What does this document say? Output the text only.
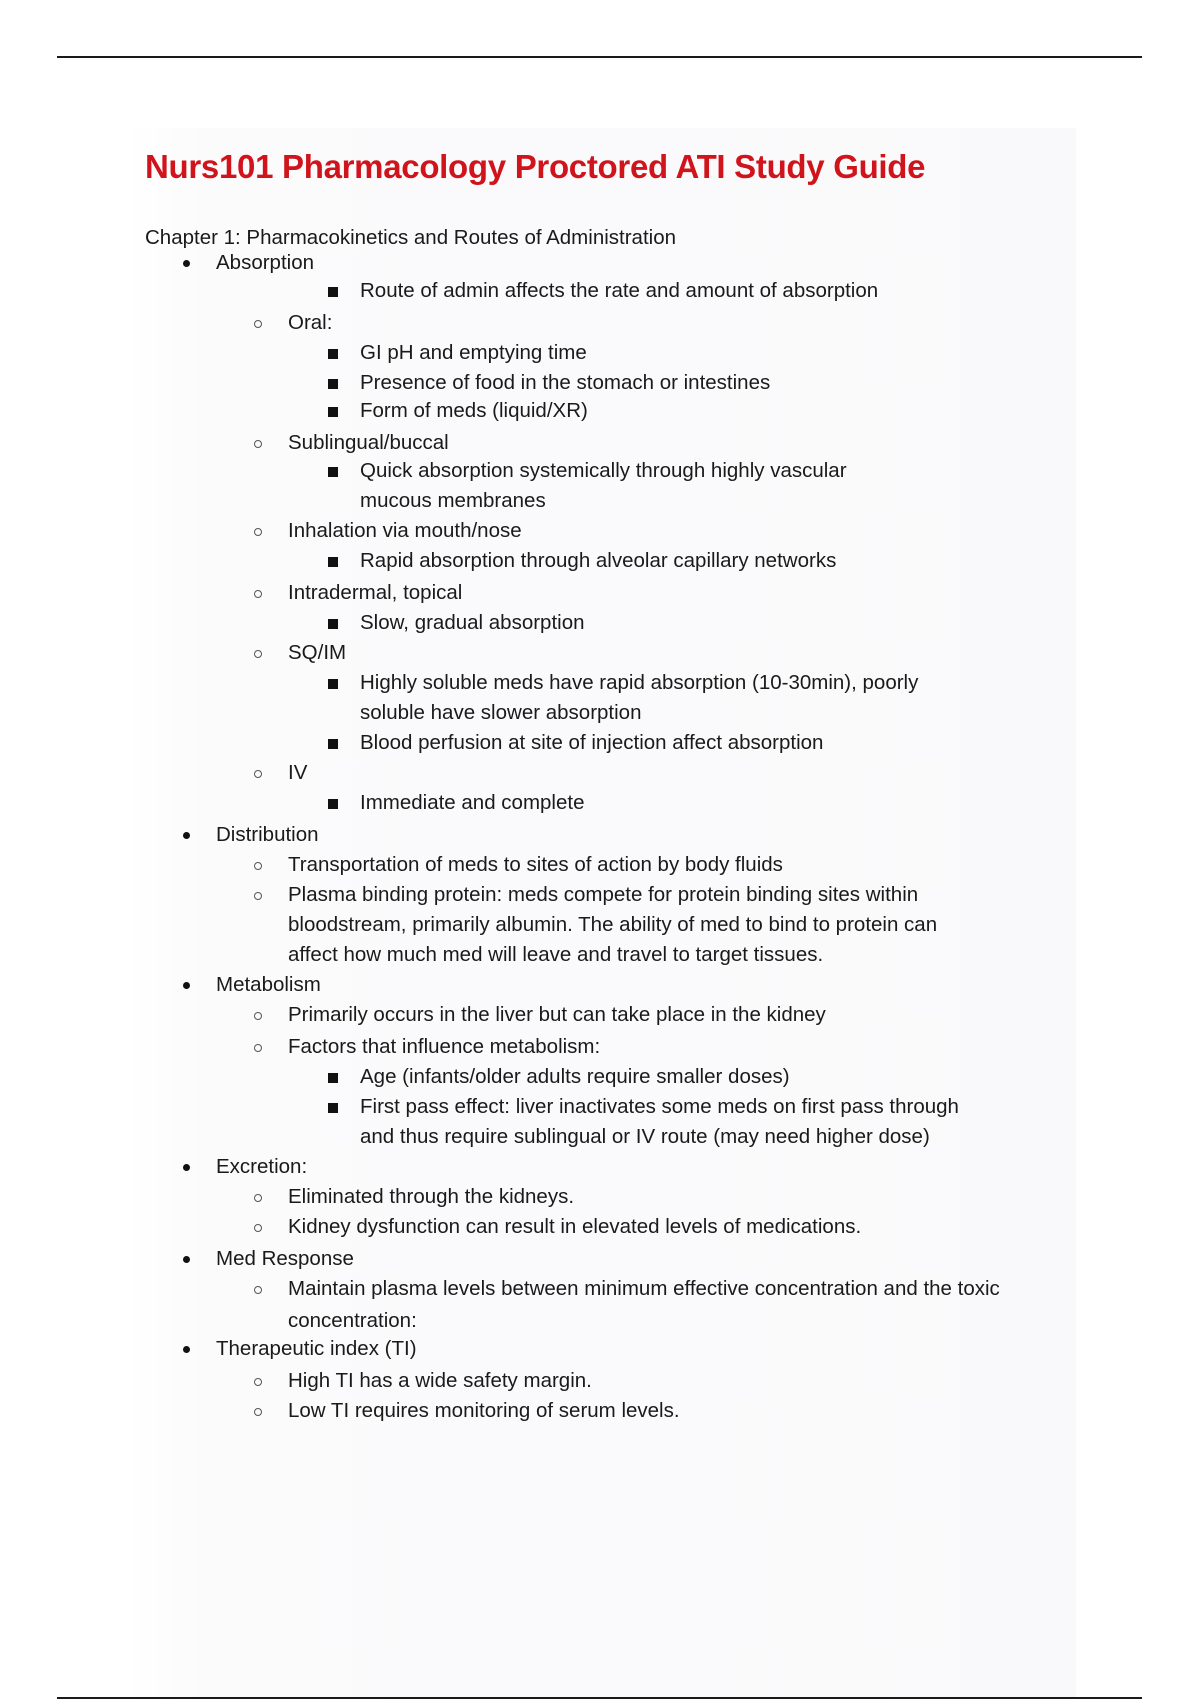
Nurs101 Pharmacology Proctored ATI Study Guide
Chapter 1: Pharmacokinetics and Routes of Administration
Absorption
Route of admin affects the rate and amount of absorption
Oral:
GI pH and emptying time
Presence of food in the stomach or intestines
Form of meds (liquid/XR)
Sublingual/buccal
Quick absorption systemically through highly vascular
mucous membranes
Inhalation via mouth/nose
Rapid absorption through alveolar capillary networks
Intradermal, topical
Slow, gradual absorption
SQ/IM
Highly soluble meds have rapid absorption (10-30min), poorly
soluble have slower absorption
Blood perfusion at site of injection affect absorption
IV
Immediate and complete
Distribution
Transportation of meds to sites of action by body fluids
Plasma binding protein: meds compete for protein binding sites within
bloodstream, primarily albumin. The ability of med to bind to protein can
affect how much med will leave and travel to target tissues.
Metabolism
Primarily occurs in the liver but can take place in the kidney
Factors that influence metabolism:
Age (infants/older adults require smaller doses)
First pass effect: liver inactivates some meds on first pass through
and thus require sublingual or IV route (may need higher dose)
Excretion:
Eliminated through the kidneys.
Kidney dysfunction can result in elevated levels of medications.
Med Response
Maintain plasma levels between minimum effective concentration and the toxic
concentration:
Therapeutic index (TI)
High TI has a wide safety margin.
Low TI requires monitoring of serum levels.
